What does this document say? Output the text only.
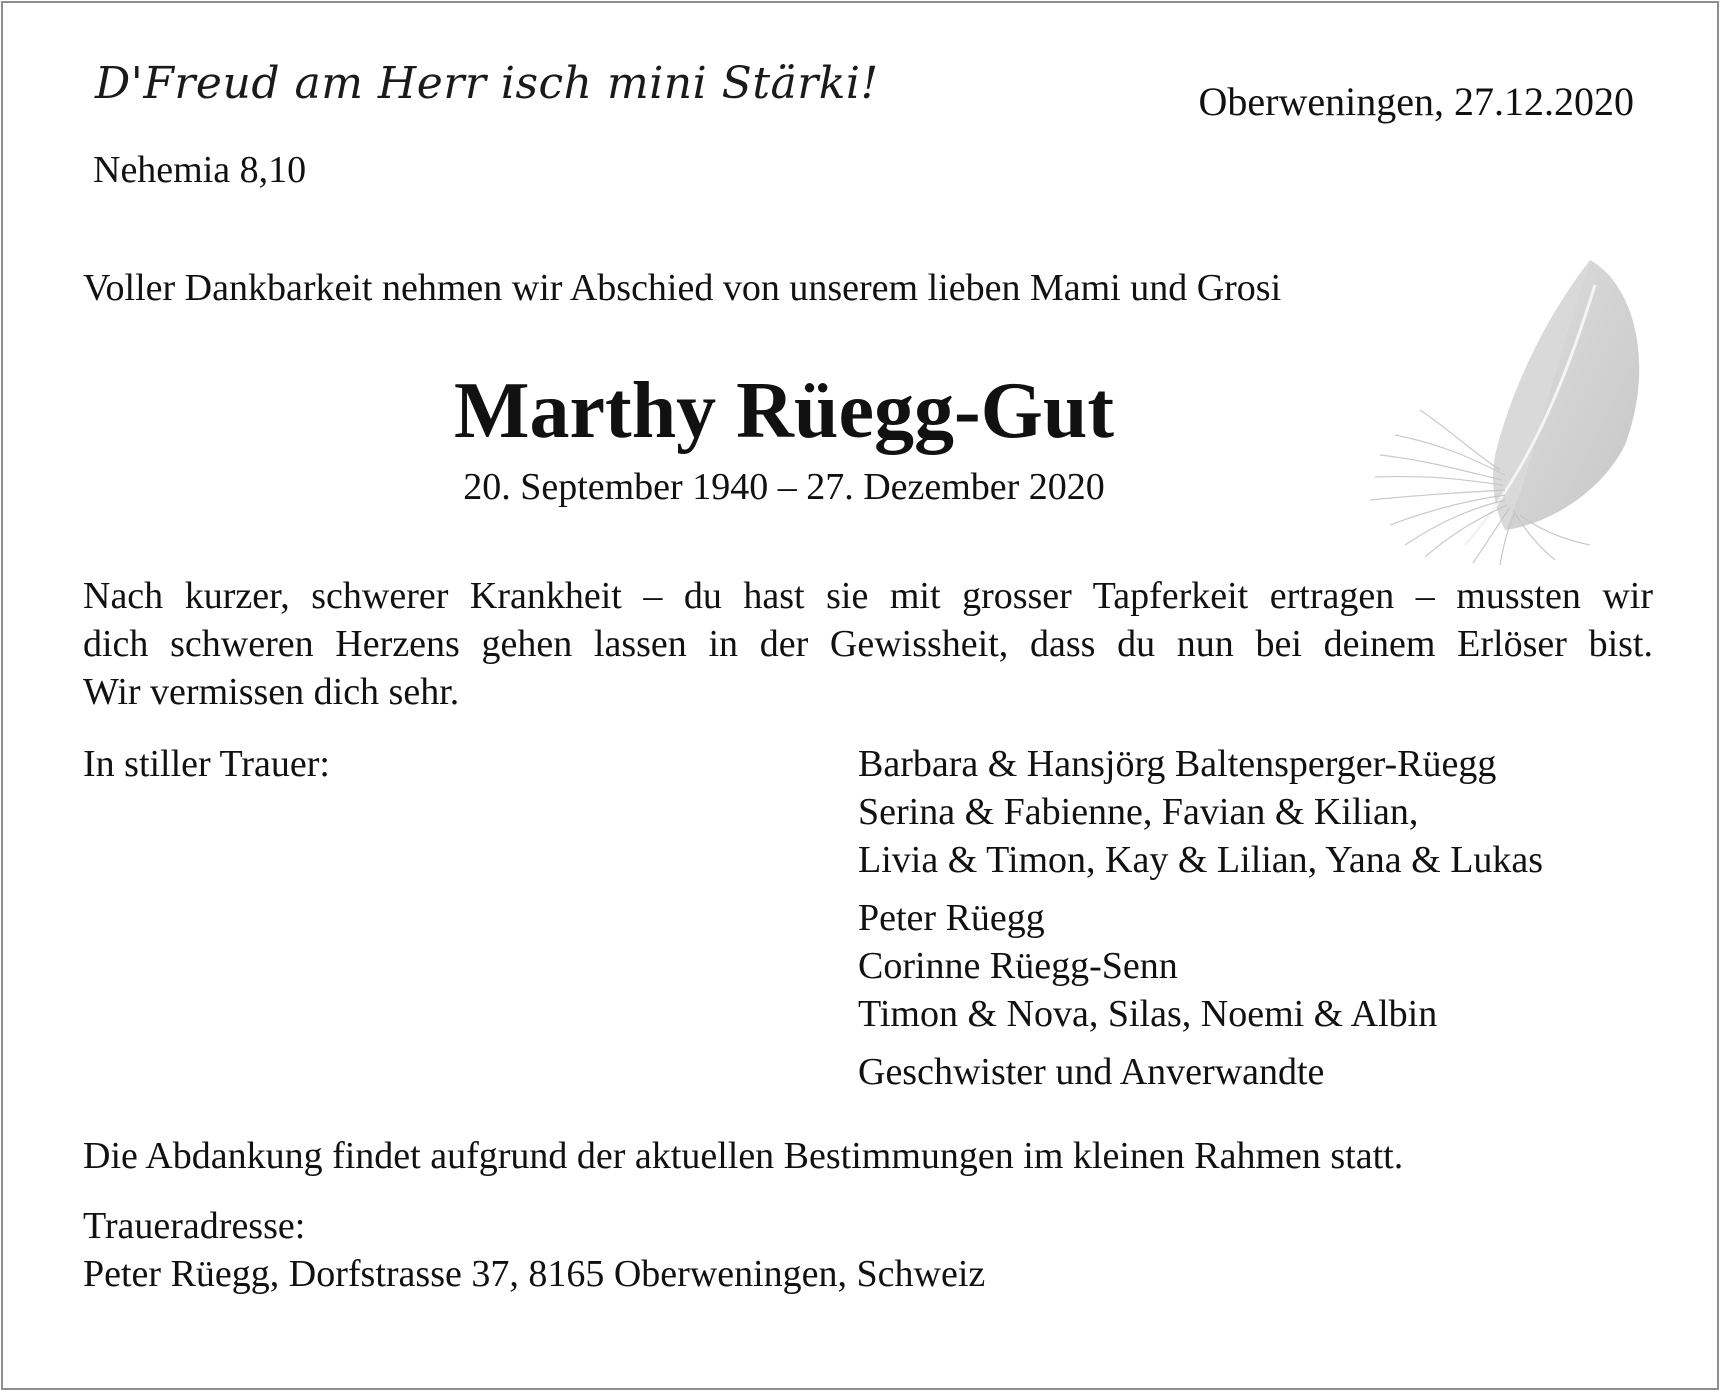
D'Freud am Herr isch mini Stärki!	Oberweningen, 27.12.2020
Nehemia 8,10
Voller Dankbarkeit nehmen wir Abschied von unserem lieben Mami und Grosi
Marthy Rüegg-Gut
20. September 1940 – 27. Dezember 2020
Nach kurzer, schwerer Krankheit – du hast sie mit grosser Tapferkeit ertragen – mussten wir
dich schweren Herzens gehen lassen in der Gewissheit, dass du nun bei deinem Erlöser bist.
Wir vermissen dich sehr.
In stiller Trauer:	Barbara & Hansjörg Baltensperger-Rüegg
Serina & Fabienne, Favian & Kilian,
Livia & Timon, Kay & Lilian, Yana & Lukas
Peter Rüegg
Corinne Rüegg-Senn
Timon & Nova, Silas, Noemi & Albin
Geschwister und Anverwandte
Die Abdankung findet aufgrund der aktuellen Bestimmungen im kleinen Rahmen statt.
Traueradresse:
Peter Rüegg, Dorfstrasse 37, 8165 Oberweningen, Schweiz
